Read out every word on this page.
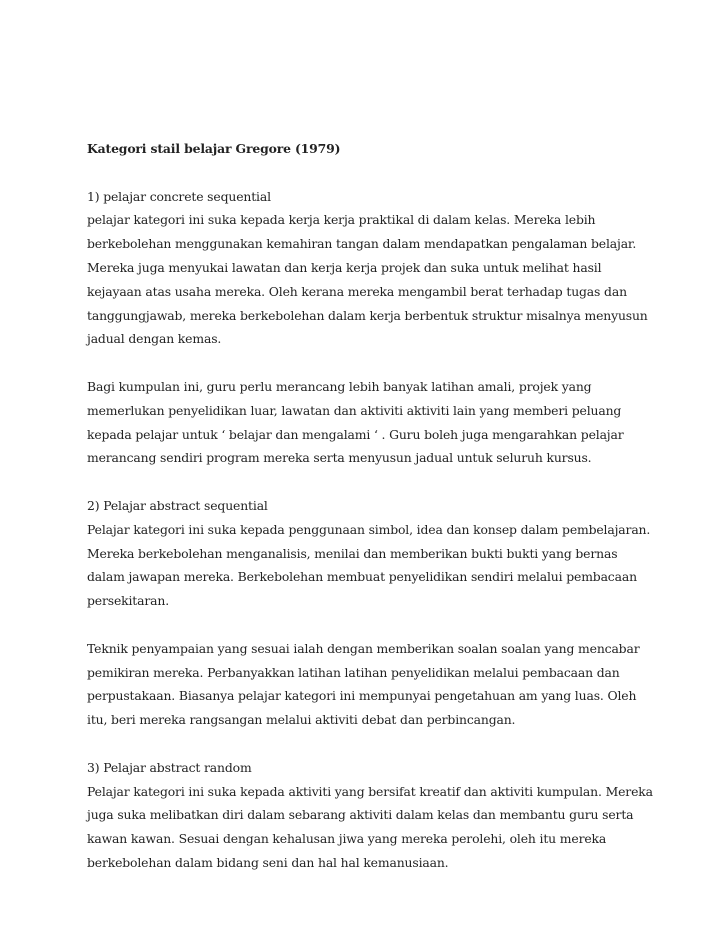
Kategori stail belajar Gregore (1979)

1) pelajar concrete sequential

pelajar kategori ini suka kepada kerja kerja praktikal di dalam kelas. Mereka lebih
berkebolehan menggunakan kemahiran tangan dalam mendapatkan pengalaman belajar.
Mereka juga menyukai lawatan dan kerja kerja projek dan suka untuk melihat hasil
kejayaan atas usaha mereka. Oleh kerana mereka mengambil berat terhadap tugas dan
tanggungjawab, mereka berkebolehan dalam kerja berbentuk struktur misalnya menyusun
jadual dengan kemas.

Bagi kumpulan ini, guru perlu merancang lebih banyak latihan amali, projek yang
memerlukan penyelidikan luar, lawatan dan aktiviti aktiviti lain yang memberi peluang
kepada pelajar untuk ‘ belajar dan mengalami ‘ . Guru boleh juga mengarahkan pelajar
merancang sendiri program mereka serta menyusun jadual untuk seluruh kursus.

2) Pelajar abstract sequential

Pelajar kategori ini suka kepada penggunaan simbol, idea dan konsep dalam pembelajaran.
Mereka berkebolehan menganalisis, menilai dan memberikan bukti bukti yang bernas
dalam jawapan mereka. Berkebolehan membuat penyelidikan sendiri melalui pembacaan
persekitaran.

Teknik penyampaian yang sesuai ialah dengan memberikan soalan soalan yang mencabar
pemikiran mereka. Perbanyakkan latihan latihan penyelidikan melalui pembacaan dan
perpustakaan. Biasanya pelajar kategori ini mempunyai pengetahuan am yang luas. Oleh
itu, beri mereka rangsangan melalui aktiviti debat dan perbincangan.

3) Pelajar abstract random

Pelajar kategori ini suka kepada aktiviti yang bersifat kreatif dan aktiviti kumpulan. Mereka
juga suka melibatkan diri dalam sebarang aktiviti dalam kelas dan membantu guru serta
kawan kawan. Sesuai dengan kehalusan jiwa yang mereka perolehi, oleh itu mereka
berkebolehan dalam bidang seni dan hal hal kemanusiaan.
